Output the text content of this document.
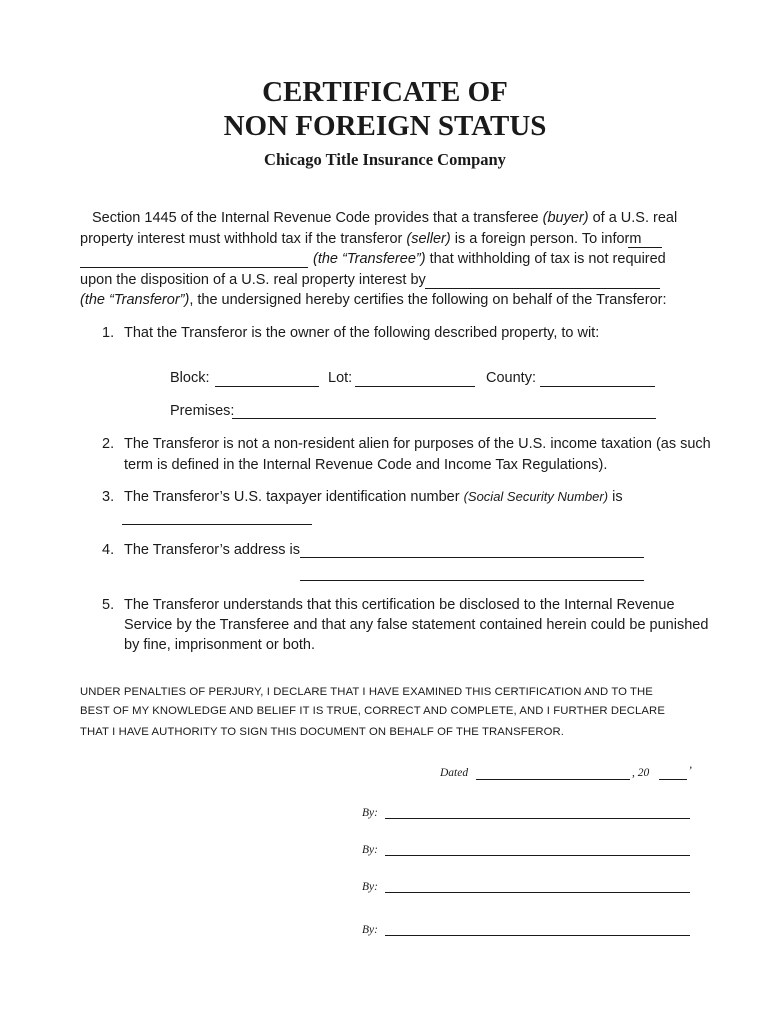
CERTIFICATE OF
NON FOREIGN STATUS
Chicago Title Insurance Company
Section 1445 of the Internal Revenue Code provides that a transferee (buyer) of a U.S. real
property interest must withhold tax if the transferor (seller) is a foreign person. To inform
(the “Transferee”) that withholding of tax is not required
upon the disposition of a U.S. real property interest by
(the “Transferor”), the undersigned hereby certifies the following on behalf of the Transferor:
1. That the Transferor is the owner of the following described property, to wit:
Block:	Lot:	County:
Premises:
2. The Transferor is not a non-resident alien for purposes of the U.S. income taxation (as such
term is defined in the Internal Revenue Code and Income Tax Regulations).
3. The Transferor’s U.S. taxpayer identification number (Social Security Number) is
4. The Transferor’s address is
5. The Transferor understands that this certification be disclosed to the Internal Revenue
Service by the Transferee and that any false statement contained herein could be punished
by fine, imprisonment or both.
UNDER PENALTIES OF PERJURY, I DECLARE THAT I HAVE EXAMINED THIS CERTIFICATION AND TO THE
BEST OF MY KNOWLEDGE AND BELIEF IT IS TRUE, CORRECT AND COMPLETE, AND I FURTHER DECLARE
THAT I HAVE AUTHORITY TO SIGN THIS DOCUMENT ON BEHALF OF THE TRANSFEROR.
Dated	, 20	’
By:
By:
By:
By:
